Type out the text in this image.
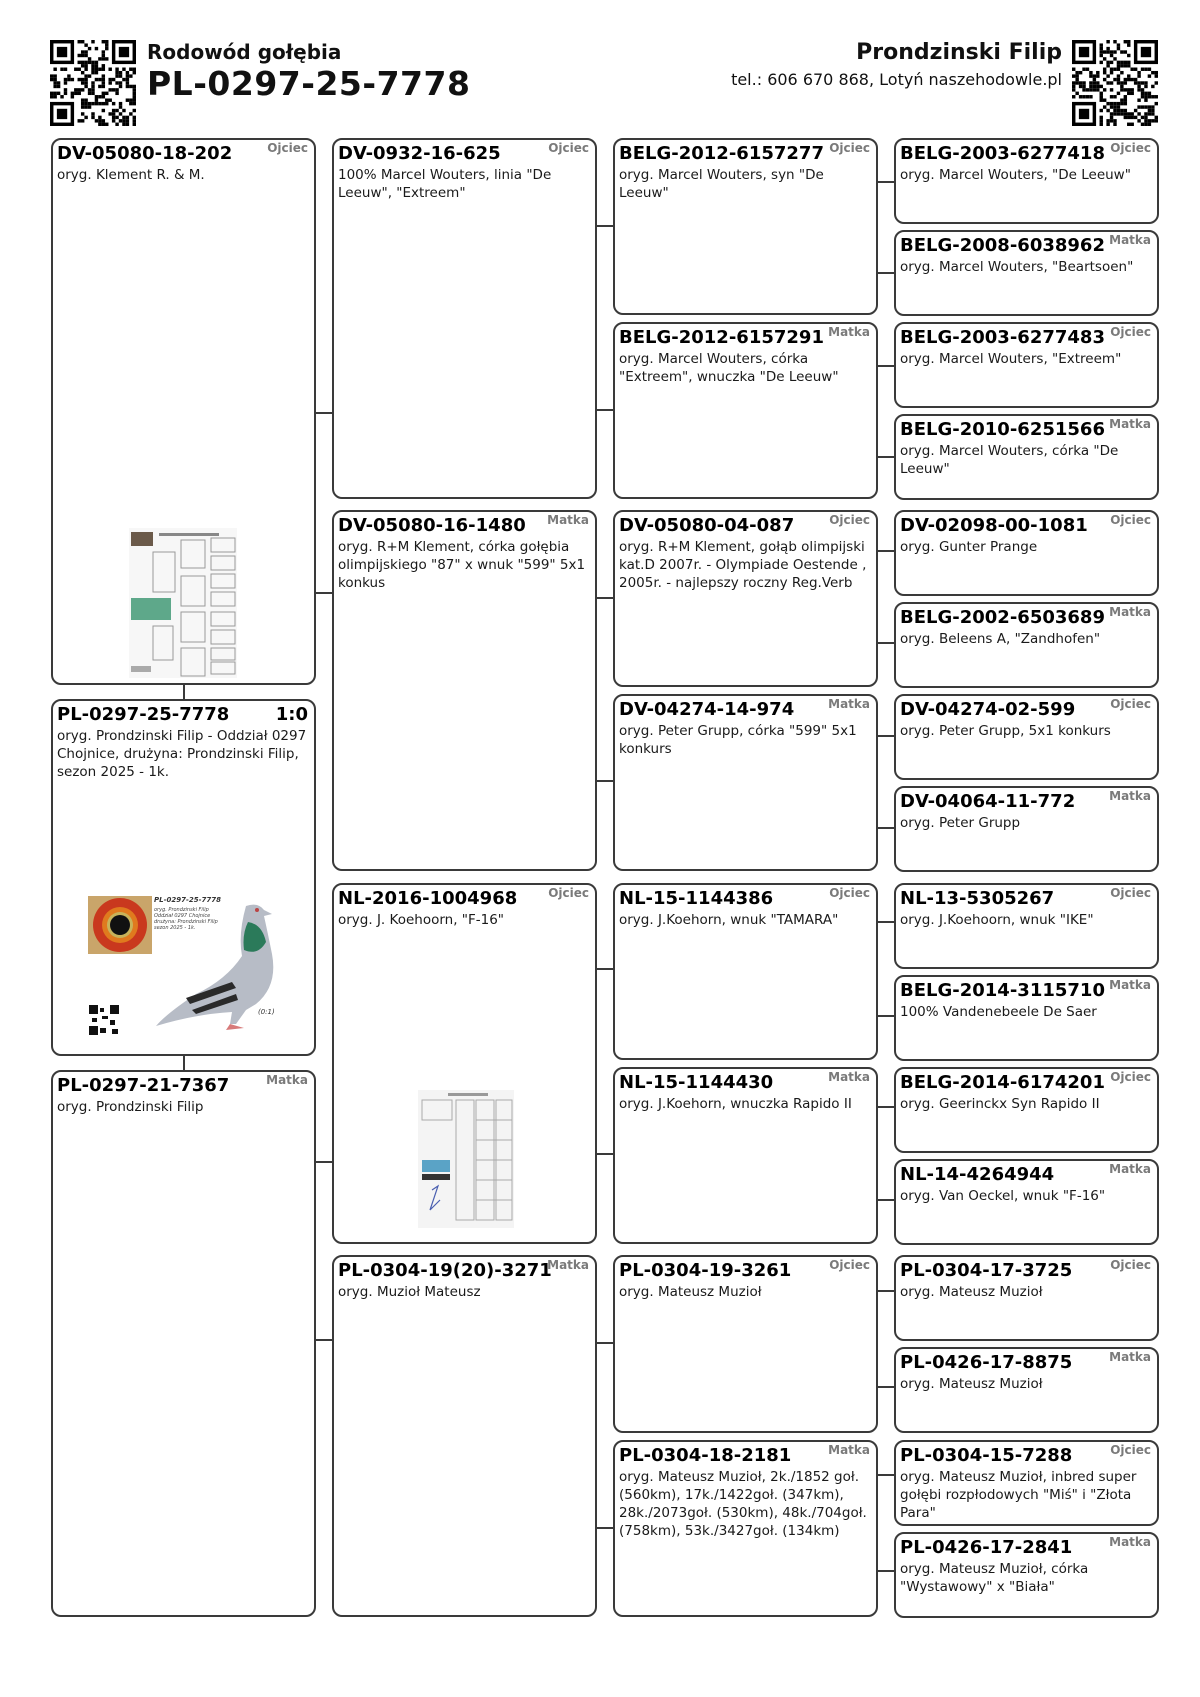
Rodowód gołębia
PL-0297-25-7778
Prondzinski Filip
tel.: 606 670 868, Lotyń naszehodowle.pl
DV-05080-18-202	Ojciec
oryg. Klement R. & M.
PL-0297-25-7778	1:0
oryg. Prondzinski Filip - Oddział 0297 Chojnice, drużyna: Prondzinski Filip, sezon 2025 - 1k.
PL-0297-25-7778
oryg. Prondzinski Filip
Oddział 0297 Chojnice
drużyna: Prondzinski Filip
sezon 2025 - 1k.
(0:1)
PL-0297-21-7367	Matka
oryg. Prondzinski Filip
DV-0932-16-625	Ojciec
100% Marcel Wouters, linia "De Leeuw", "Extreem"
DV-05080-16-1480	Matka
oryg. R+M Klement, córka gołębia olimpijskiego "87" x wnuk "599" 5x1 konkus
NL-2016-1004968	Ojciec
oryg. J. Koehoorn, "F-16"
PL-0304-19(20)-3271
Matka
oryg. Muzioł Mateusz
BELG-2012-6157277 Ojciec
oryg. Marcel Wouters, syn "De Leeuw"
BELG-2012-6157291 Matka
oryg. Marcel Wouters, córka "Extreem", wnuczka "De Leeuw"
DV-05080-04-087	Ojciec
oryg. R+M Klement, gołąb olimpijski kat.D 2007r. - Olympiade Oestende , 2005r. - najlepszy roczny Reg.Verb
DV-04274-14-974	Matka
oryg. Peter Grupp, córka "599" 5x1 konkurs
NL-15-1144386	Ojciec
oryg. J.Koehorn, wnuk "TAMARA"
NL-15-1144430	Matka
oryg. J.Koehorn, wnuczka Rapido II
PL-0304-19-3261	Ojciec
oryg. Mateusz Muzioł
PL-0304-18-2181	Matka
oryg. Mateusz Muzioł, 2k./1852 goł. (560km), 17k./1422goł. (347km), 28k./2073goł. (530km), 48k./704goł. (758km), 53k./3427goł. (134km)
BELG-2003-6277418 Ojciec
oryg. Marcel Wouters, "De Leeuw"
BELG-2008-6038962 Matka
oryg. Marcel Wouters, "Beartsoen"
BELG-2003-6277483 Ojciec
oryg. Marcel Wouters, "Extreem"
BELG-2010-6251566 Matka
oryg. Marcel Wouters, córka "De Leeuw"
DV-02098-00-1081	Ojciec
oryg. Gunter Prange
BELG-2002-6503689 Matka
oryg. Beleens A, "Zandhofen"
DV-04274-02-599	Ojciec
oryg. Peter Grupp, 5x1 konkurs
DV-04064-11-772	Matka
oryg. Peter Grupp
NL-13-5305267	Ojciec
oryg. J.Koehoorn, wnuk "IKE"
BELG-2014-3115710 Matka
100% Vandenebeele De Saer
BELG-2014-6174201 Ojciec
oryg. Geerinckx Syn Rapido II
NL-14-4264944	Matka
oryg. Van Oeckel, wnuk "F-16"
PL-0304-17-3725	Ojciec
oryg. Mateusz Muzioł
PL-0426-17-8875	Matka
oryg. Mateusz Muzioł
PL-0304-15-7288	Ojciec
oryg. Mateusz Muzioł, inbred super gołębi rozpłodowych "Miś" i "Złota Para"
PL-0426-17-2841	Matka
oryg. Mateusz Muzioł, córka "Wystawowy" x "Biała"
